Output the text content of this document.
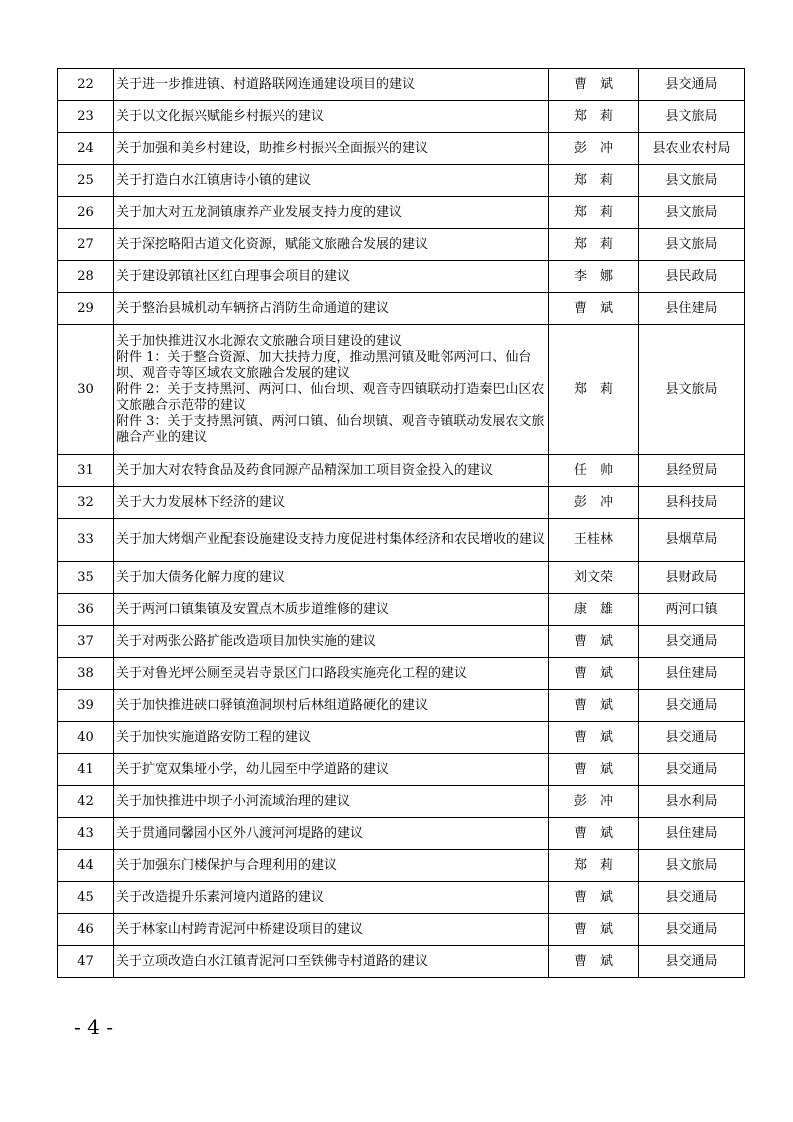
22	关于进一步推进镇、村道路联网连通建设项目的建议	曹　斌	县交通局
23	关于以文化振兴赋能乡村振兴的建议	郑　莉	县文旅局
24	关于加强和美乡村建设，助推乡村振兴全面振兴的建议	彭　冲	县农业农村局
25	关于打造白水江镇唐诗小镇的建议	郑　莉	县文旅局
26	关于加大对五龙洞镇康养产业发展支持力度的建议	郑　莉	县文旅局
27	关于深挖略阳古道文化资源，赋能文旅融合发展的建议	郑　莉	县文旅局
28	关于建设郭镇社区红白理事会项目的建议	李　娜	县民政局
29	关于整治县城机动车辆挤占消防生命通道的建议	曹　斌	县住建局
30	关于加快推进汉水北源农文旅融合项目建设的建议
附件 1：关于整合资源、加大扶持力度，推动黑河镇及毗邻两河口、仙台坝、观音寺等区域农文旅融合发展的建议
附件 2：关于支持黑河、两河口、仙台坝、观音寺四镇联动打造秦巴山区农文旅融合示范带的建议
附件 3：关于支持黑河镇、两河口镇、仙台坝镇、观音寺镇联动发展农文旅融合产业的建议	郑　莉	县文旅局
31	关于加大对农特食品及药食同源产品精深加工项目资金投入的建议	任　帅	县经贸局
32	关于大力发展林下经济的建议	彭　冲	县科技局
33	关于加大烤烟产业配套设施建设支持力度促进村集体经济和农民增收的建议	王桂林	县烟草局
35	关于加大债务化解力度的建议	刘文荣	县财政局
36	关于两河口镇集镇及安置点木质步道维修的建议	康　雄	两河口镇
37	关于对两张公路扩能改造项目加快实施的建议	曹　斌	县交通局
38	关于对鲁光坪公厕至灵岩寺景区门口路段实施亮化工程的建议	曹　斌	县住建局
39	关于加快推进硖口驿镇渔洞坝村后林组道路硬化的建议	曹　斌	县交通局
40	关于加快实施道路安防工程的建议	曹　斌	县交通局
41	关于扩宽双集垭小学，幼儿园至中学道路的建议	曹　斌	县交通局
42	关于加快推进中坝子小河流域治理的建议	彭　冲	县水利局
43	关于贯通同馨园小区外八渡河河堤路的建议	曹　斌	县住建局
44	关于加强东门楼保护与合理利用的建议	郑　莉	县文旅局
45	关于改造提升乐素河境内道路的建议	曹　斌	县交通局
46	关于林家山村跨青泥河中桥建设项目的建议	曹　斌	县交通局
47	关于立项改造白水江镇青泥河口至铁佛寺村道路的建议	曹　斌	县交通局
- 4 -
